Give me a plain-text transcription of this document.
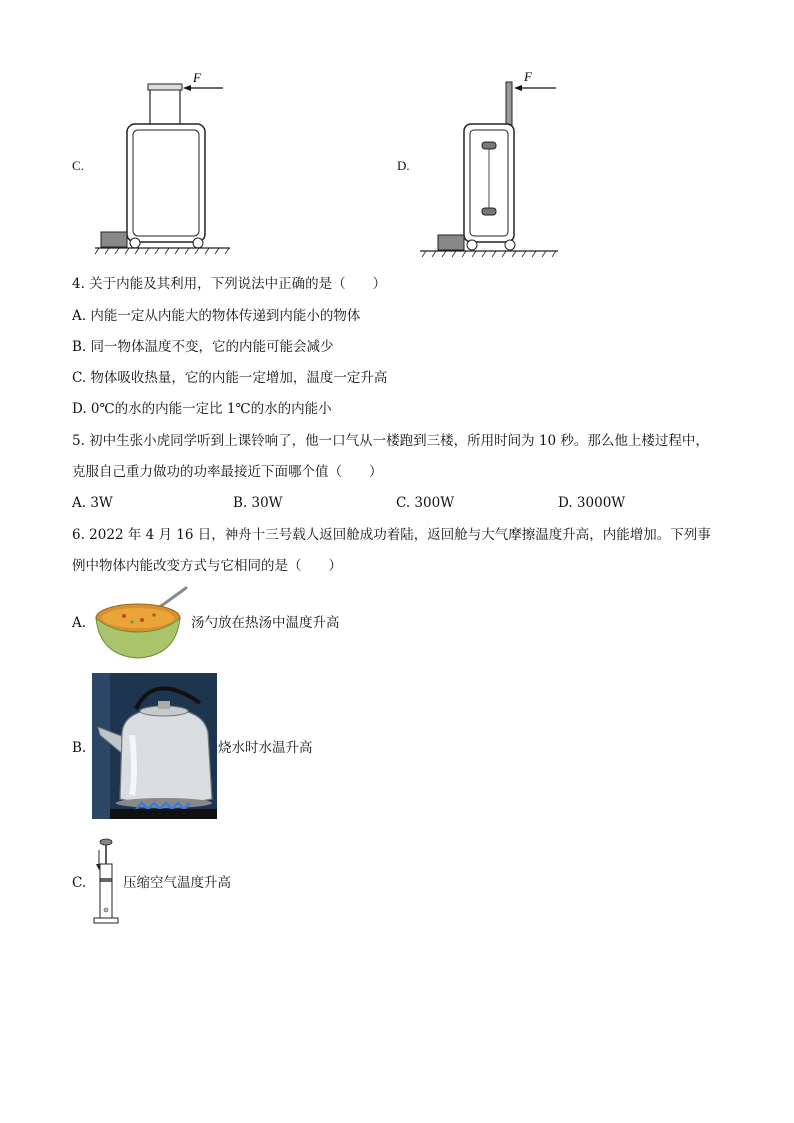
C.
F
D.
F
4. 关于内能及其利用，下列说法中正确的是（　　）
A. 内能一定从内能大的物体传递到内能小的物体
B. 同一物体温度不变，它的内能可能会减少
C. 物体吸收热量，它的内能一定增加，温度一定升高
D. 0℃的水的内能一定比 1℃的水的内能小
5. 初中生张小虎同学听到上课铃响了，他一口气从一楼跑到三楼，所用时间为 10 秒。那么他上楼过程中，
克服自己重力做功的功率最接近下面哪个值（　　）
A. 3W	B. 30W	C. 300W	D. 3000W
6. 2022 年 4 月 16 日，神舟十三号载人返回舱成功着陆，返回舱与大气摩擦温度升高，内能增加。下列事
例中物体内能改变方式与它相同的是（　　）
A.	汤勺放在热汤中温度升高
B.	烧水时水温升高
C.	压缩空气温度升高
